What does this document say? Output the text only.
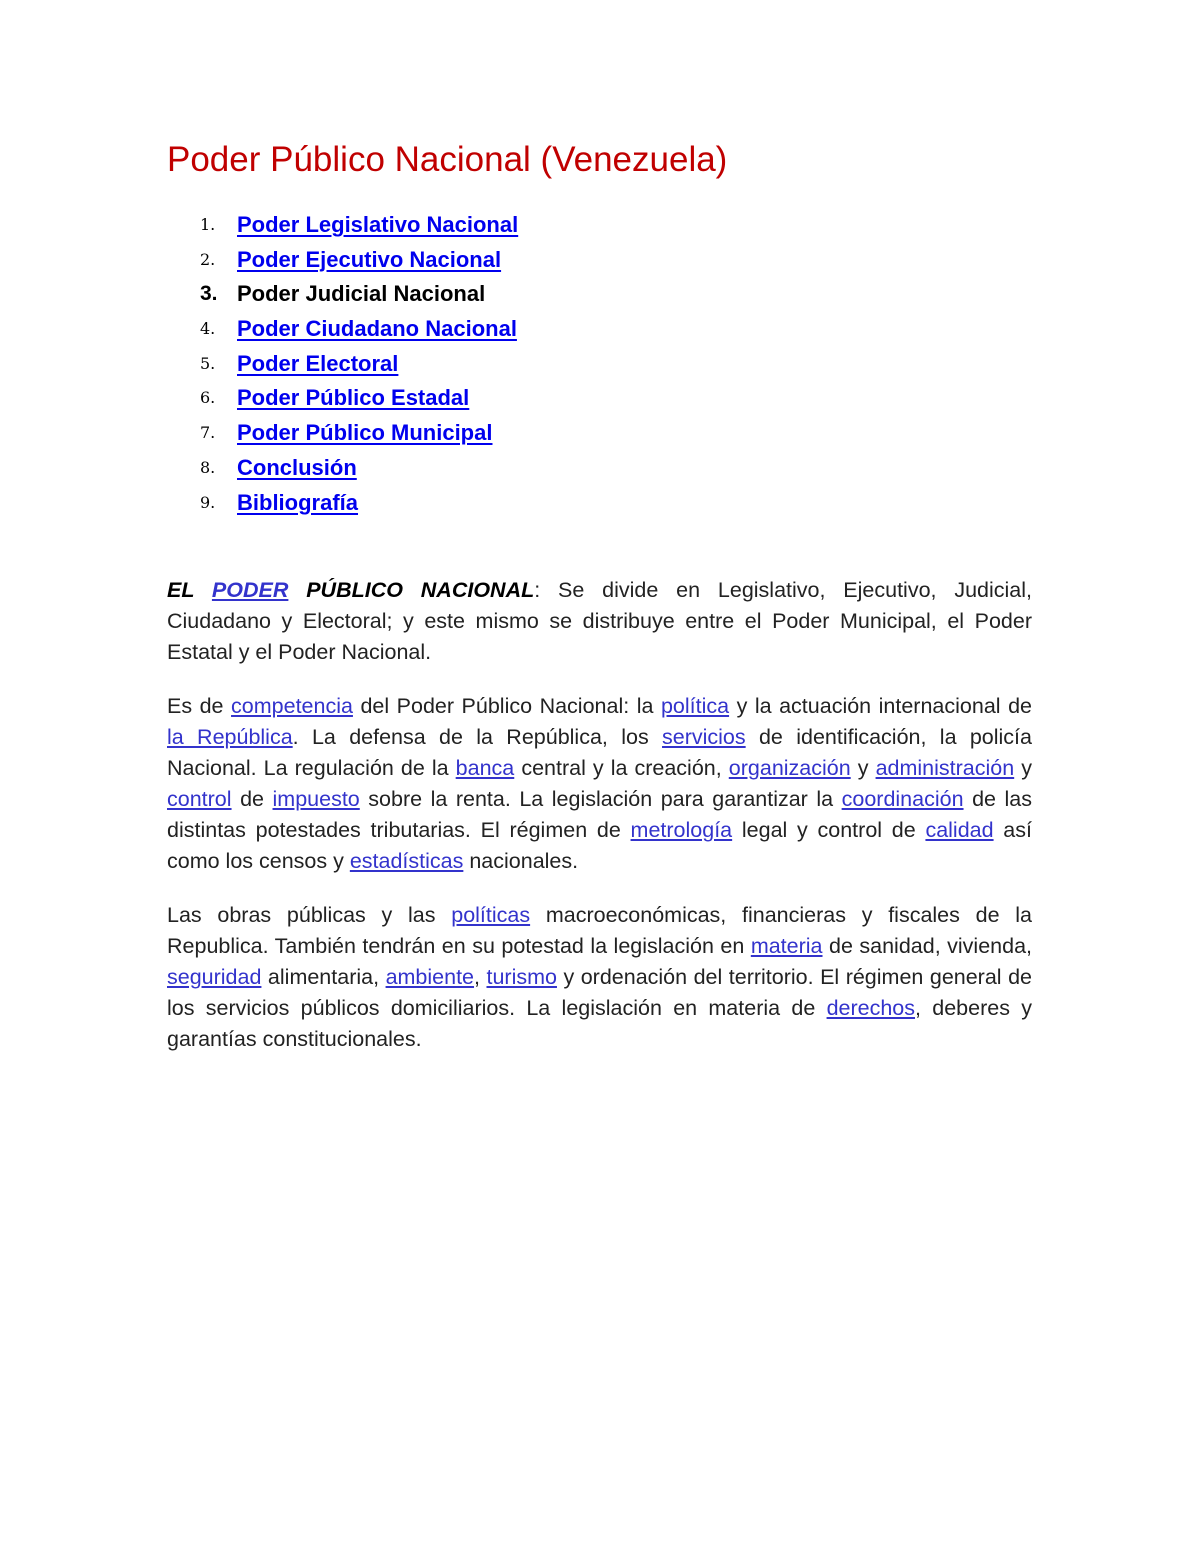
Poder Público Nacional (Venezuela)
1. Poder Legislativo Nacional
2. Poder Ejecutivo Nacional
3. Poder Judicial Nacional
4. Poder Ciudadano Nacional
5. Poder Electoral
6. Poder Público Estadal
7. Poder Público Municipal
8. Conclusión
9. Bibliografía

EL PODER PÚBLICO NACIONAL: Se divide en Legislativo, Ejecutivo, Judicial, Ciudadano y Electoral; y este mismo se distribuye entre el Poder Municipal, el Poder Estatal y el Poder Nacional.

Es de competencia del Poder Público Nacional: la política y la actuación internacional de la República. La defensa de la República, los servicios de identificación, la policía Nacional. La regulación de la banca central y la creación, organización y administración y control de impuesto sobre la renta. La legislación para garantizar la coordinación de las distintas potestades tributarias. El régimen de metrología legal y control de calidad así como los censos y estadísticas nacionales.

Las obras públicas y las políticas macroeconómicas, financieras y fiscales de la Republica. También tendrán en su potestad la legislación en materia de sanidad, vivienda, seguridad alimentaria, ambiente, turismo y ordenación del territorio. El régimen general de los servicios públicos domiciliarios. La legislación en materia de derechos, deberes y garantías constitucionales.
